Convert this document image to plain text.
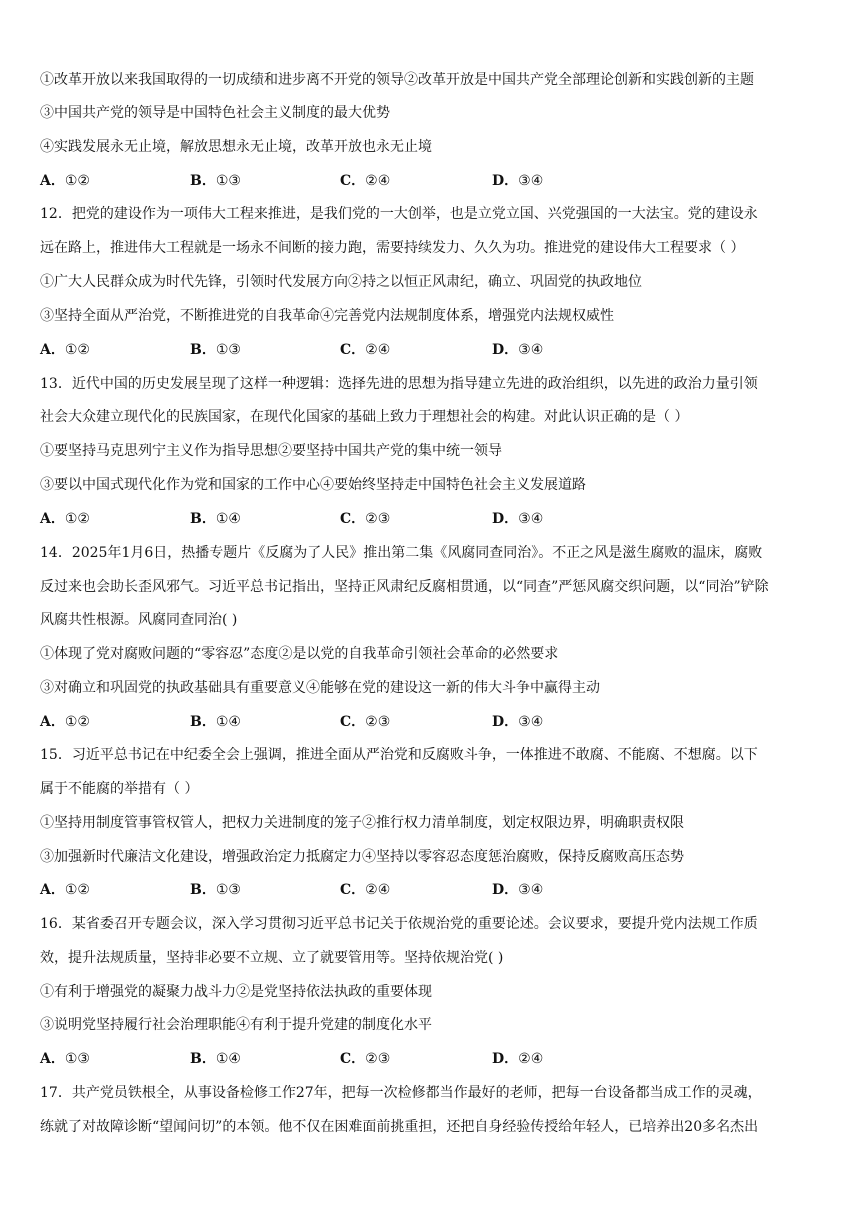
①改革开放以来我国取得的一切成绩和进步离不开党的领导②改革开放是中国共产党全部理论创新和实践创新的主题
③中国共产党的领导是中国特色社会主义制度的最大优势
④实践发展永无止境，解放思想永无止境，改革开放也永无止境
A．①②	B．①③	C．②④	D．③④
12．把党的建设作为一项伟大工程来推进，是我们党的一大创举，也是立党立国、兴党强国的一大法宝。党的建设永
远在路上，推进伟大工程就是一场永不间断的接力跑，需要持续发力、久久为功。推进党的建设伟大工程要求（ ）
①广大人民群众成为时代先锋，引领时代发展方向②持之以恒正风肃纪，确立、巩固党的执政地位
③坚持全面从严治党，不断推进党的自我革命④完善党内法规制度体系，增强党内法规权威性
A．①②	B．①③	C．②④	D．③④
13．近代中国的历史发展呈现了这样一种逻辑：选择先进的思想为指导建立先进的政治组织，以先进的政治力量引领
社会大众建立现代化的民族国家，在现代化国家的基础上致力于理想社会的构建。对此认识正确的是（ ）
①要坚持马克思列宁主义作为指导思想②要坚持中国共产党的集中统一领导
③要以中国式现代化作为党和国家的工作中心④要始终坚持走中国特色社会主义发展道路
A．①②	B．①④	C．②③	D．③④
14．2025年1月6日，热播专题片《反腐为了人民》推出第二集《风腐同查同治》。不正之风是滋生腐败的温床，腐败
反过来也会助长歪风邪气。习近平总书记指出，坚持正风肃纪反腐相贯通，以“同查”严惩风腐交织问题，以“同治”铲除
风腐共性根源。风腐同查同治( )
①体现了党对腐败问题的“零容忍”态度②是以党的自我革命引领社会革命的必然要求
③对确立和巩固党的执政基础具有重要意义④能够在党的建设这一新的伟大斗争中赢得主动
A．①②	B．①④	C．②③	D．③④
15．习近平总书记在中纪委全会上强调，推进全面从严治党和反腐败斗争，一体推进不敢腐、不能腐、不想腐。以下
属于不能腐的举措有（ ）
①坚持用制度管事管权管人，把权力关进制度的笼子②推行权力清单制度，划定权限边界，明确职责权限
③加强新时代廉洁文化建设，增强政治定力抵腐定力④坚持以零容忍态度惩治腐败，保持反腐败高压态势
A．①②	B．①③	C．②④	D．③④
16．某省委召开专题会议，深入学习贯彻习近平总书记关于依规治党的重要论述。会议要求，要提升党内法规工作质
效，提升法规质量，坚持非必要不立规、立了就要管用等。坚持依规治党( )
①有利于增强党的凝聚力战斗力②是党坚持依法执政的重要体现
③说明党坚持履行社会治理职能④有利于提升党建的制度化水平
A．①③	B．①④	C．②③	D．②④
17．共产党员铁根全，从事设备检修工作27年，把每一次检修都当作最好的老师，把每一台设备都当成工作的灵魂，
练就了对故障诊断“望闻问切”的本领。他不仅在困难面前挑重担，还把自身经验传授给年轻人，已培养出20多名杰出
